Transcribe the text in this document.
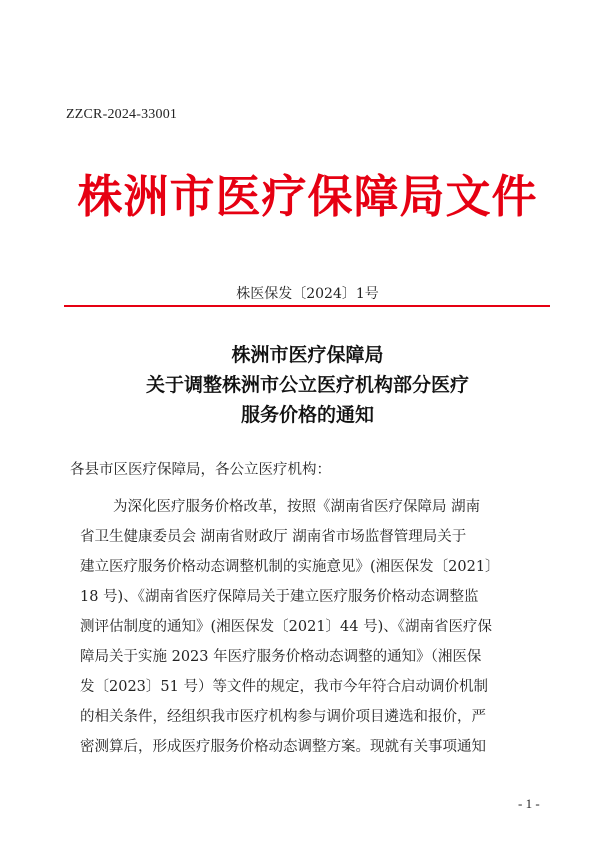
ZZCR-2024-33001
株洲市医疗保障局文件
株医保发〔2024〕1号
株洲市医疗保障局
关于调整株洲市公立医疗机构部分医疗
服务价格的通知
各县市区医疗保障局，各公立医疗机构：
为深化医疗服务价格改革，按照《湖南省医疗保障局 湖南
省卫生健康委员会 湖南省财政厅 湖南省市场监督管理局关于
建立医疗服务价格动态调整机制的实施意见》(湘医保发〔2021〕
18 号)、《湖南省医疗保障局关于建立医疗服务价格动态调整监
测评估制度的通知》(湘医保发〔2021〕44 号)、《湖南省医疗保
障局关于实施 2023 年医疗服务价格动态调整的通知》（湘医保
发〔2023〕51 号）等文件的规定，我市今年符合启动调价机制
的相关条件，经组织我市医疗机构参与调价项目遴选和报价，严
密测算后，形成医疗服务价格动态调整方案。现就有关事项通知
- 1 -
